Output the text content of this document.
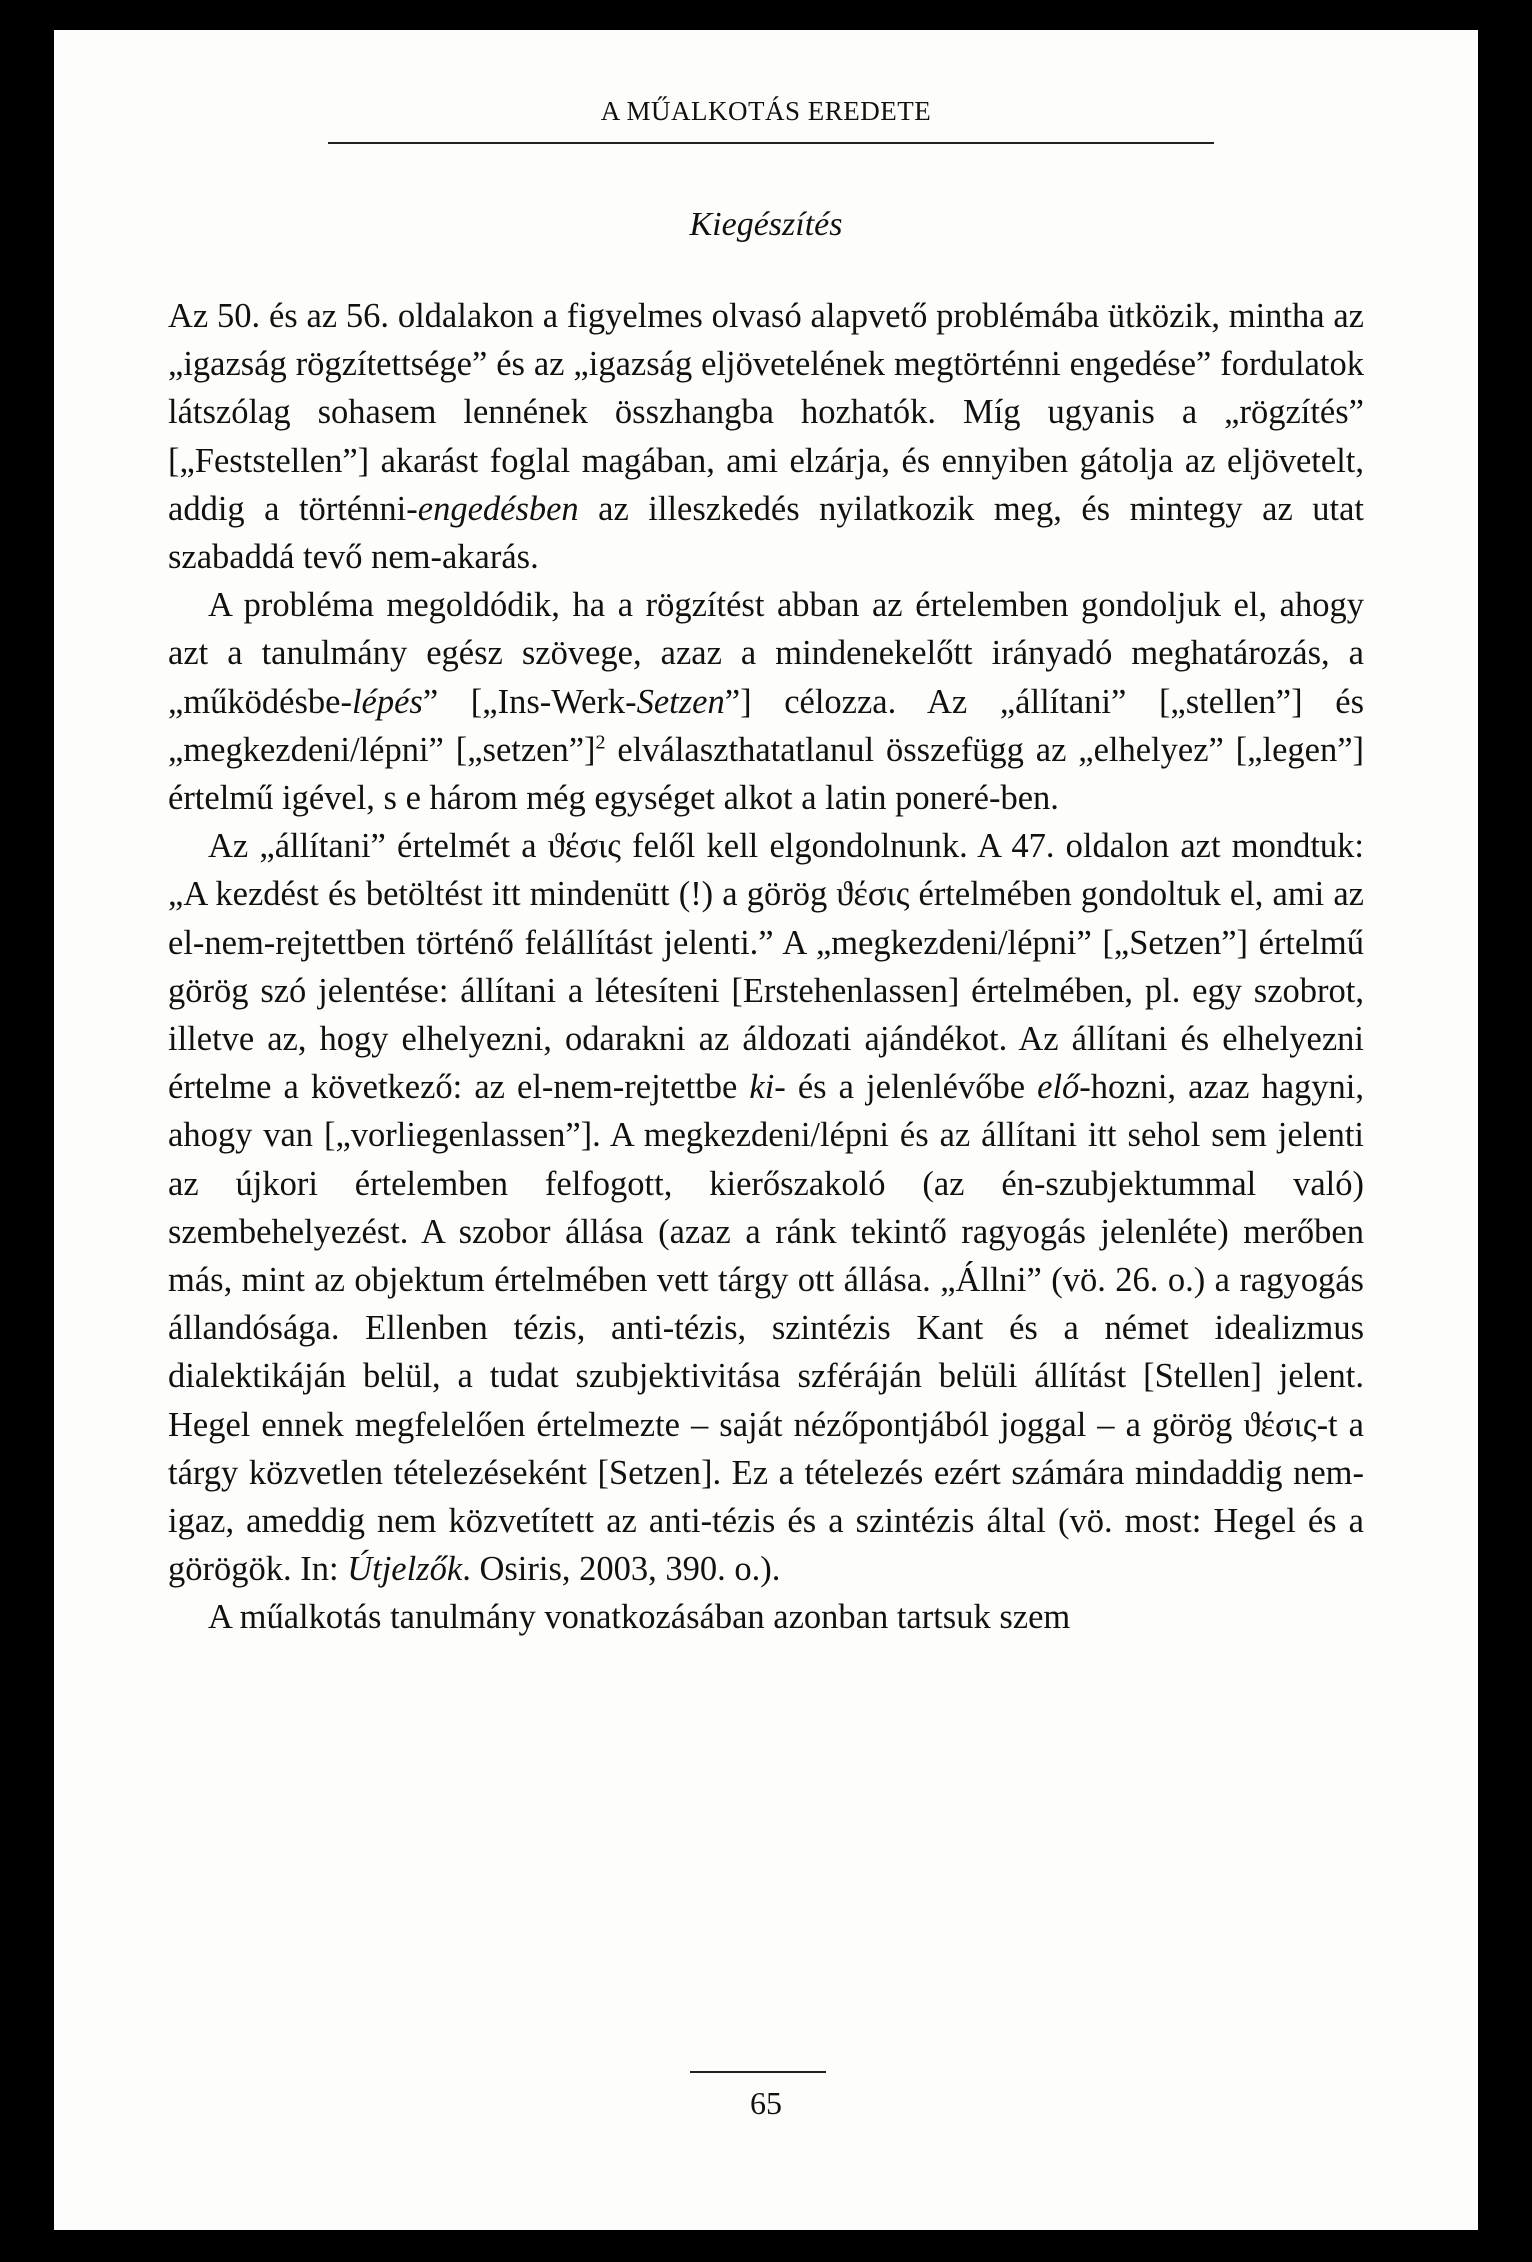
A MŰALKOTÁS EREDETE
Kiegészítés

Az 50. és az 56. oldalakon a figyelmes olvasó alapvető problémába ütközik, mintha az „igazság rögzítettsége” és az „igazság eljövetelének megtörténni engedése” fordulatok látszólag sohasem lennének összhangba hozhatók. Míg ugyanis a „rögzítés” [„Feststellen”] akarást foglal magában, ami elzárja, és ennyiben gátolja az eljövetelt, addig a történni-engedésben az illeszkedés nyilatkozik meg, és mintegy az utat szabaddá tevő nem-akarás.

A probléma megoldódik, ha a rögzítést abban az értelemben gondoljuk el, ahogy azt a tanulmány egész szövege, azaz a mindenekelőtt irányadó meghatározás, a „működésbe-lépés” [„Ins-Werk-Setzen”] célozza. Az „állítani” [„stellen”] és „megkezdeni/lépni” [„setzen”]$^2$ elválaszthatatlanul összefügg az „elhelyez” [„legen”] értelmű igével, s e három még egységet alkot a latin poneré-ben.

Az „állítani” értelmét a ϑέσις felől kell elgondolnunk. A 47. oldalon azt mondtuk: „A kezdést és betöltést itt mindenütt (!) a görög ϑέσις értelmében gondoltuk el, ami az el-nem-rejtettben történő felállítást jelenti.” A „megkezdeni/lépni” [„Setzen”] értelmű görög szó jelentése: állítani a létesíteni [Erstehenlassen] értelmében, pl. egy szobrot, illetve az, hogy elhelyezni, odarakni az áldozati ajándékot. Az állítani és elhelyezni értelme a következő: az el-nem-rejtettbe ki- és a jelenlévőbe elő-hozni, azaz hagyni, ahogy van [„vorliegenlassen”]. A megkezdeni/lépni és az állítani itt sehol sem jelenti az újkori értelemben felfogott, kierőszakoló (az én-szubjektummal való) szembehelyezést. A szobor állása (azaz a ránk tekintő ragyogás jelenléte) merőben más, mint az objektum értelmében vett tárgy ott állása. „Állni” (vö. 26. o.) a ragyogás állandósága. Ellenben tézis, anti-tézis, szintézis Kant és a német idealizmus dialektikáján belül, a tudat szubjektivitása szféráján belüli állítást [Stellen] jelent. Hegel ennek megfelelően értelmezte – saját nézőpontjából joggal – a görög ϑέσις-t a tárgy közvetlen tételezéseként [Setzen]. Ez a tételezés ezért számára mindaddig nem-igaz, ameddig nem közvetített az anti-tézis és a szintézis által (vö. most: Hegel és a görögök. In: Útjelzők. Osiris, 2003, 390. o.).

A műalkotás tanulmány vonatkozásában azonban tartsuk szem

65
